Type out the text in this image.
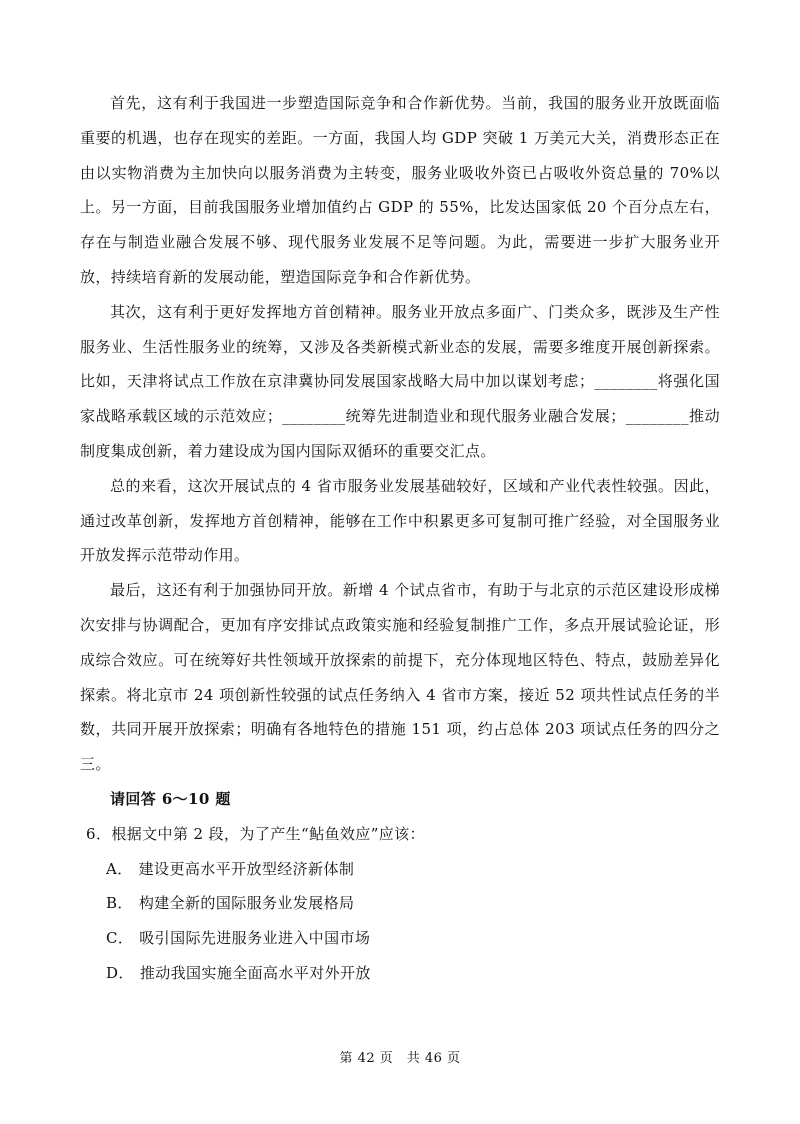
首先，这有利于我国进一步塑造国际竞争和合作新优势。当前，我国的服务业开放既面临重要的机遇，也存在现实的差距。一方面，我国人均 GDP 突破 1 万美元大关，消费形态正在由以实物消费为主加快向以服务消费为主转变，服务业吸收外资已占吸收外资总量的 70%以上。另一方面，目前我国服务业增加值约占 GDP 的 55%，比发达国家低 20 个百分点左右，存在与制造业融合发展不够、现代服务业发展不足等问题。为此，需要进一步扩大服务业开放，持续培育新的发展动能，塑造国际竞争和合作新优势。

其次，这有利于更好发挥地方首创精神。服务业开放点多面广、门类众多，既涉及生产性服务业、生活性服务业的统筹，又涉及各类新模式新业态的发展，需要多维度开展创新探索。比如，天津将试点工作放在京津冀协同发展国家战略大局中加以谋划考虑；________将强化国家战略承载区域的示范效应；________统筹先进制造业和现代服务业融合发展；________推动制度集成创新，着力建设成为国内国际双循环的重要交汇点。

总的来看，这次开展试点的 4 省市服务业发展基础较好，区域和产业代表性较强。因此，通过改革创新，发挥地方首创精神，能够在工作中积累更多可复制可推广经验，对全国服务业开放发挥示范带动作用。

最后，这还有利于加强协同开放。新增 4 个试点省市，有助于与北京的示范区建设形成梯次安排与协调配合，更加有序安排试点政策实施和经验复制推广工作，多点开展试验论证，形成综合效应。可在统筹好共性领域开放探索的前提下，充分体现地区特色、特点，鼓励差异化探索。将北京市 24 项创新性较强的试点任务纳入 4 省市方案，接近 52 项共性试点任务的半数，共同开展开放探索；明确有各地特色的措施 151 项，约占总体 203 项试点任务的四分之三。

请回答 6～10 题

6．根据文中第 2 段，为了产生“鲇鱼效应”应该：

A． 建设更高水平开放型经济新体制

B． 构建全新的国际服务业发展格局

C． 吸引国际先进服务业进入中国市场

D． 推动我国实施全面高水平对外开放

第 42 页　共 46 页
